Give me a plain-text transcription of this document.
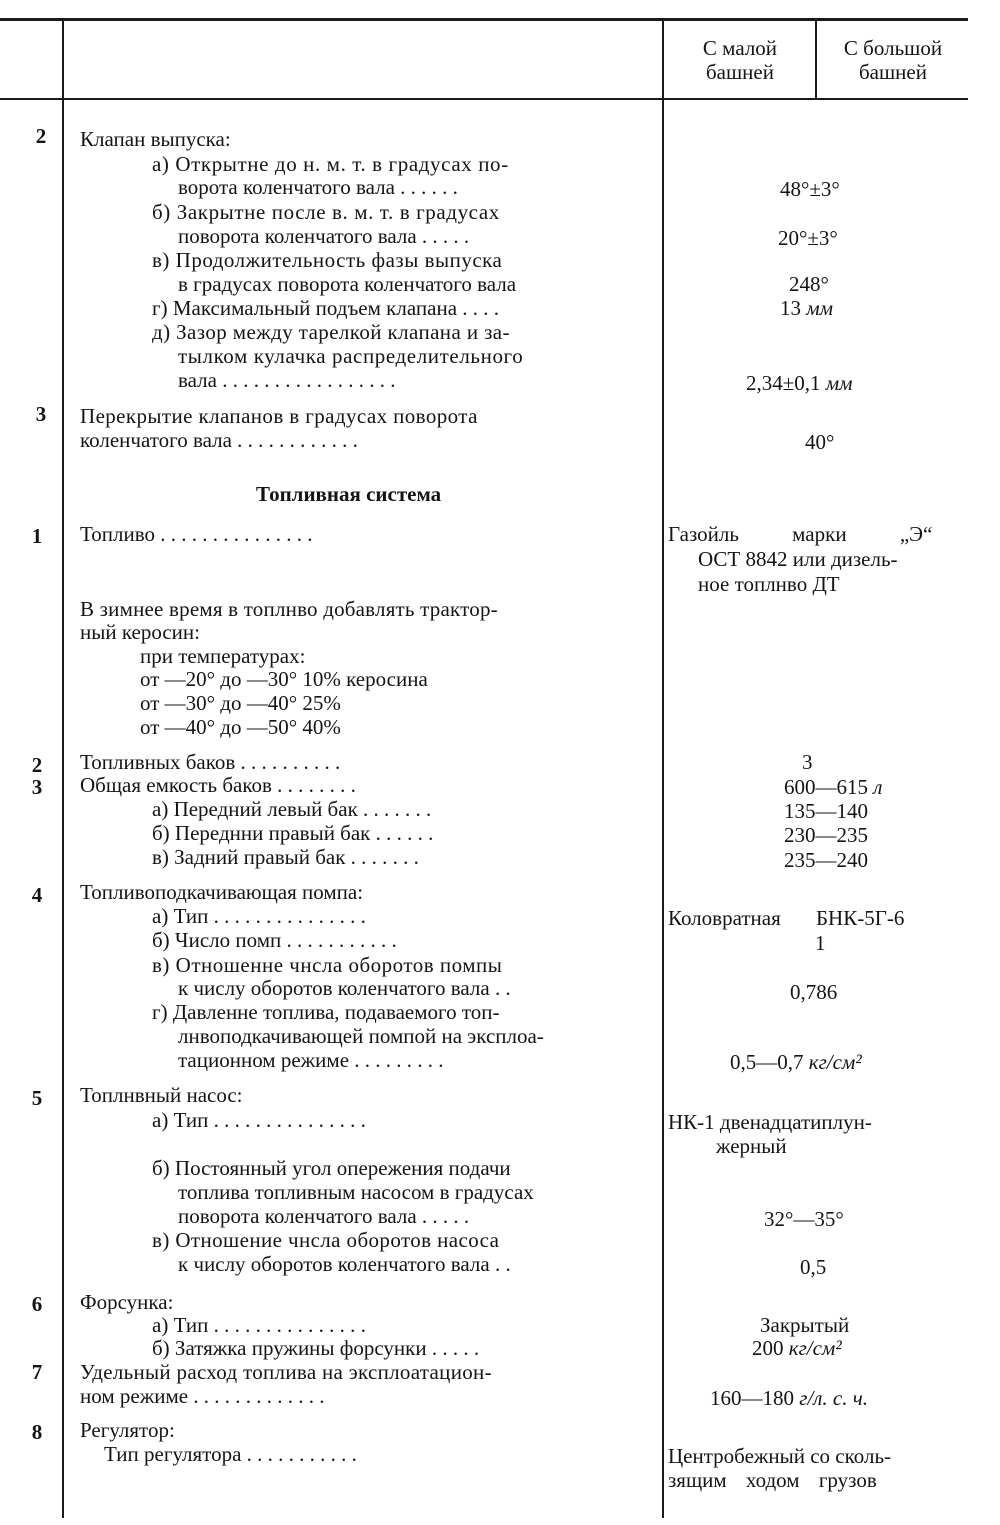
С малой
башней
С большой
башней
2	Клапан выпуска:
а) Открытне до н. м. т. в градусах по-
ворота коленчатого вала . . . . . .	48°±3°
б) Закрытне после в. м. т. в градусах
поворота коленчатого вала . . . . .	20°±3°
в) Продолжительность фазы выпуска
в градусах поворота коленчатого вала	248°
г) Максимальный подъем клапана . . . .	13 мм
д) Зазор между тарелкой клапана и за-
тылком кулачка распределительного
вала . . . . . . . . . . . . . . . . .	2,34±0,1 мм
3	Перекрытие клапанов в градусах поворота
коленчатого вала . . . . . . . . . . . .	40°
Топливная система
1	Топливо . . . . . . . . . . . . . . .	Газойль марки „Э“
ОСТ 8842 или дизель-
ное топлнво ДТ
В зимнее время в топлнво добавлять трактор-
ный керосин:
при температурах:
от —20° до —30° 10% керосина
от —30° до —40° 25%
от —40° до —50° 40%
2	Топливных баков . . . . . . . . . .	3
3	Общая емкость баков . . . . . . . .	600—615 л
а) Передний левый бак . . . . . . .	135—140
б) Переднни правый бак . . . . . .	230—235
в) Задний правый бак . . . . . . .	235—240
4	Топливоподкачивающая помпа:
а) Тип . . . . . . . . . . . . . . .	Коловратная БНК-5Г-6
б) Число помп . . . . . . . . . . .	1
в) Отношенне чнсла оборотов помпы
к числу оборотов коленчатого вала . .	0,786
г) Давленне топлива, подаваемого топ-
лнвоподкачивающей помпой на эксплоа-
тационном режиме . . . . . . . . .	0,5—0,7 кг/см²
5	Топлнвный насос:
а) Тип . . . . . . . . . . . . . . .	НК-1 двенадцатиплун-
жерный
б) Постоянный угол опережения подачи
топлива топливным насосом в градусах
поворота коленчатого вала . . . . .	32°—35°
в) Отношение чнсла оборотов насоса
к числу оборотов коленчатого вала . .	0,5
6	Форсунка:
а) Тип . . . . . . . . . . . . . . .	Закрытый
б) Затяжка пружины форсунки . . . . .	200 кг/см²
7	Удельный расход топлива на эксплоатацион-
ном режиме . . . . . . . . . . . . .	160—180 г/л. с. ч.
8	Регулятор:
Тип регулятора . . . . . . . . . . .	Центробежный со сколь-
зящим ходом грузов
